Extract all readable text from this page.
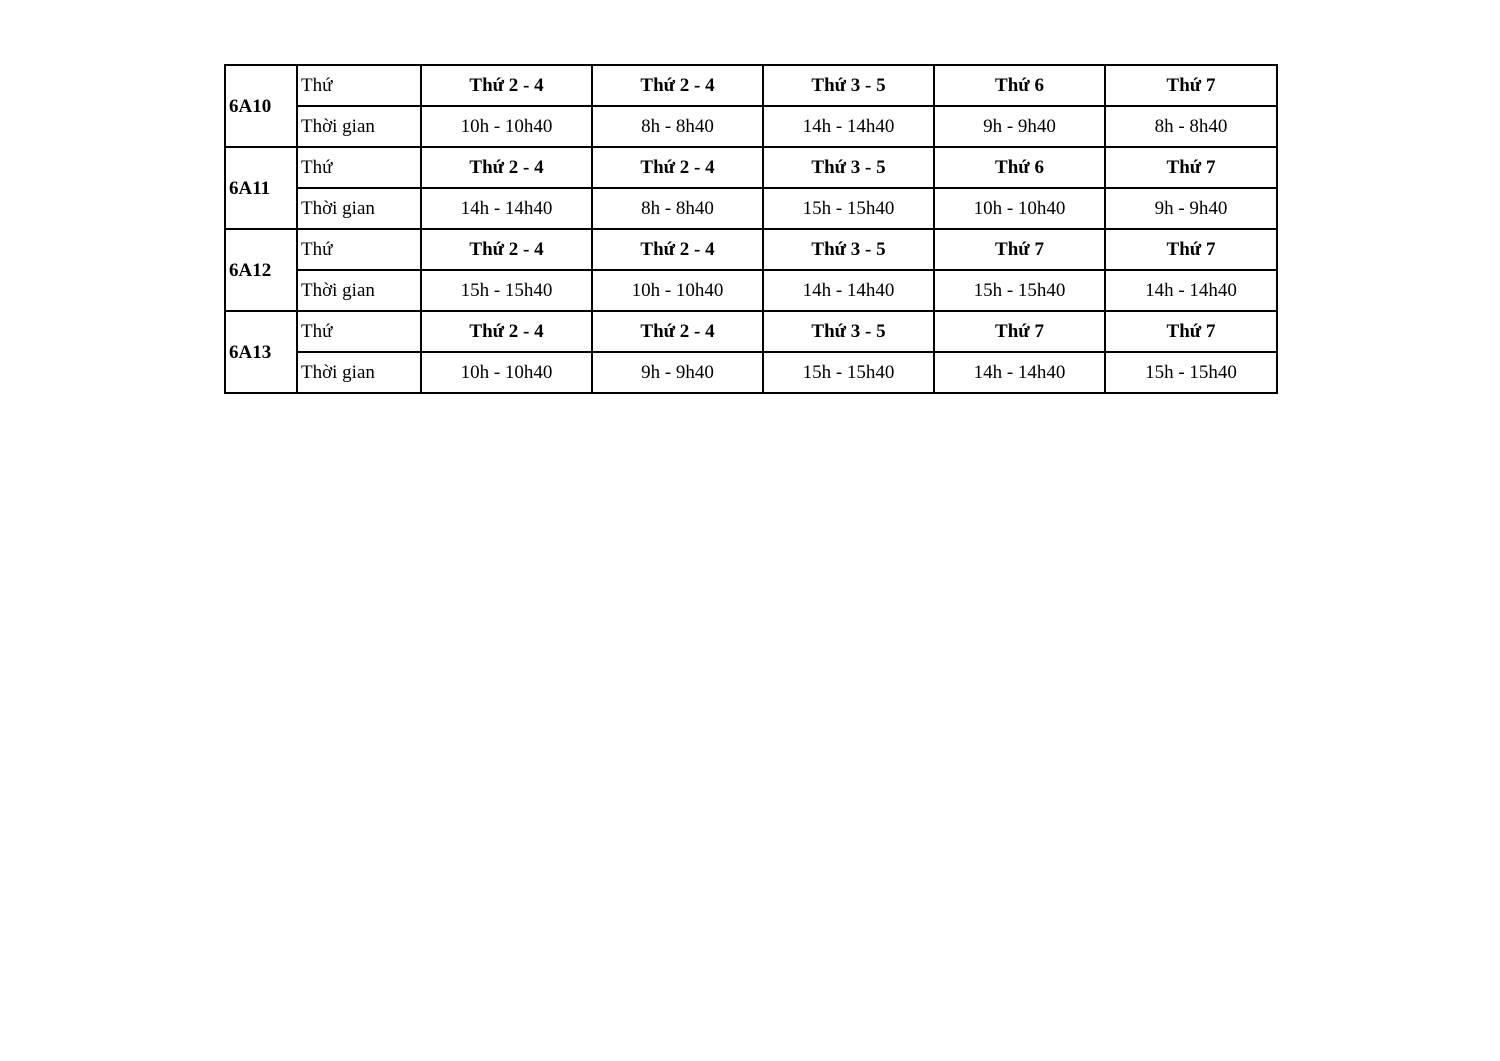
6A10	Thứ	Thứ 2 - 4	Thứ 2 - 4	Thứ 3 - 5	Thứ 6	Thứ 7
	Thời gian	10h - 10h40	8h - 8h40	14h - 14h40	9h - 9h40	8h - 8h40
6A11	Thứ	Thứ 2 - 4	Thứ 2 - 4	Thứ 3 - 5	Thứ 6	Thứ 7
	Thời gian	14h - 14h40	8h - 8h40	15h - 15h40	10h - 10h40	9h - 9h40
6A12	Thứ	Thứ 2 - 4	Thứ 2 - 4	Thứ 3 - 5	Thứ 7	Thứ 7
	Thời gian	15h - 15h40	10h - 10h40	14h - 14h40	15h - 15h40	14h - 14h40
6A13	Thứ	Thứ 2 - 4	Thứ 2 - 4	Thứ 3 - 5	Thứ 7	Thứ 7
	Thời gian	10h - 10h40	9h - 9h40	15h - 15h40	14h - 14h40	15h - 15h40
